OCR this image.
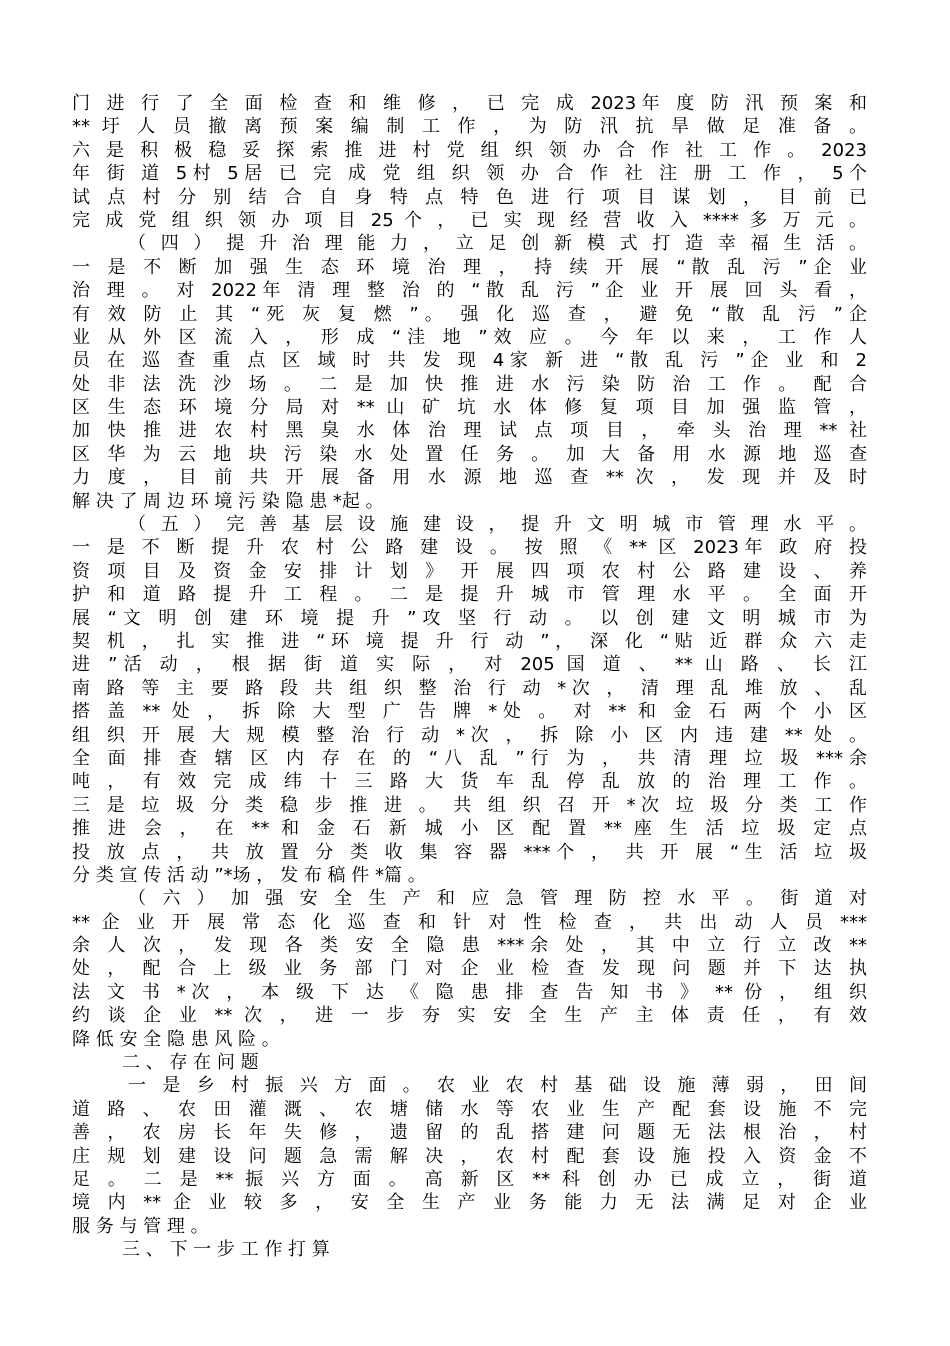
门 进 行 了 全 面 检 查 和 维 修 ， 已 完 成 2023年 度 防 汛 预 案 和
** 圩 人 员 撤 离 预 案 编 制 工 作 ， 为 防 汛 抗 旱 做 足 准 备 。
六 是 积 极 稳 妥 探 索 推 进 村 党 组 织 领 办 合 作 社 工 作 。 2023
年 街 道 5村 5居 已 完 成 党 组 织 领 办 合 作 社 注 册 工 作 ， 5个
试 点 村 分 别 结 合 自 身 特 点 特 色 进 行 项 目 谋 划 ， 目 前 已
完 成 党 组 织 领 办 项 目 25 个 ， 已 实 现 经 营 收 入 **** 多 万 元 。
（ 四 ） 提 升 治 理 能 力 ， 立 足 创 新 模 式 打 造 幸 福 生 活 。
一 是 不 断 加 强 生 态 环 境 治 理 ， 持 续 开 展 “散 乱 污 ”企 业
治 理 。 对 2022年 清 理 整 治 的 “散 乱 污 ”企 业 开 展 回 头 看 ，
有 效 防 止 其 “死 灰 复 燃 ”。 强 化 巡 查 ， 避 免 “散 乱 污 ”企
业 从 外 区 流 入 ， 形 成 “洼 地 ”效 应 。 今 年 以 来 ， 工 作 人
员 在 巡 查 重 点 区 域 时 共 发 现 4家 新 进 “散 乱 污 ”企 业 和 2
处 非 法 洗 沙 场 。 二 是 加 快 推 进 水 污 染 防 治 工 作 。 配 合
区 生 态 环 境 分 局 对 ** 山 矿 坑 水 体 修 复 项 目 加 强 监 管 ，
加 快 推 进 农 村 黑 臭 水 体 治 理 试 点 项 目 ， 牵 头 治 理 ** 社
区 华 为 云 地 块 污 染 水 处 置 任 务 。 加 大 备 用 水 源 地 巡 查
力 度 ， 目 前 共 开 展 备 用 水 源 地 巡 查 ** 次 ， 发 现 并 及 时
解 决 了 周 边 环 境 污 染 隐 患 *起 。
（ 五 ） 完 善 基 层 设 施 建 设 ， 提 升 文 明 城 市 管 理 水 平 。
一 是 不 断 提 升 农 村 公 路 建 设 。 按 照 《 ** 区 2023年 政 府 投
资 项 目 及 资 金 安 排 计 划 》 开 展 四 项 农 村 公 路 建 设 、 养
护 和 道 路 提 升 工 程 。 二 是 提 升 城 市 管 理 水 平 。 全 面 开
展 “文 明 创 建 环 境 提 升 ”攻 坚 行 动 。 以 创 建 文 明 城 市 为
契 机 ， 扎 实 推 进 “环 境 提 升 行 动 ”， 深 化 “贴 近 群 众 六 走
进 ”活 动 ， 根 据 街 道 实 际 ， 对 205 国 道 、 ** 山 路 、 长 江
南 路 等 主 要 路 段 共 组 织 整 治 行 动 *次 ， 清 理 乱 堆 放 、 乱
搭 盖 ** 处 ， 拆 除 大 型 广 告 牌 *处 。 对 ** 和 金 石 两 个 小 区
组 织 开 展 大 规 模 整 治 行 动 *次 ， 拆 除 小 区 内 违 建 ** 处 。
全 面 排 查 辖 区 内 存 在 的 “八 乱 ”行 为 ， 共 清 理 垃 圾 ***余
吨 ， 有 效 完 成 纬 十 三 路 大 货 车 乱 停 乱 放 的 治 理 工 作 。
三 是 垃 圾 分 类 稳 步 推 进 。 共 组 织 召 开 *次 垃 圾 分 类 工 作
推 进 会 ， 在 ** 和 金 石 新 城 小 区 配 置 ** 座 生 活 垃 圾 定 点
投 放 点 ， 共 放 置 分 类 收 集 容 器 ***个 ， 共 开 展 “生 活 垃 圾
分 类 宣 传 活 动 ”*场 ， 发 布 稿 件 *篇 。
（ 六 ） 加 强 安 全 生 产 和 应 急 管 理 防 控 水 平 。 街 道 对
** 企 业 开 展 常 态 化 巡 查 和 针 对 性 检 查 ， 共 出 动 人 员 ***
余 人 次 ， 发 现 各 类 安 全 隐 患 ***余 处 ， 其 中 立 行 立 改 **
处 ， 配 合 上 级 业 务 部 门 对 企 业 检 查 发 现 问 题 并 下 达 执
法 文 书 *次 ， 本 级 下 达 《 隐 患 排 查 告 知 书 》 ** 份 ， 组 织
约 谈 企 业 ** 次 ， 进 一 步 夯 实 安 全 生 产 主 体 责 任 ， 有 效
降 低 安 全 隐 患 风 险 。
二 、 存 在 问 题
一 是 乡 村 振 兴 方 面 。 农 业 农 村 基 础 设 施 薄 弱 ， 田 间
道 路 、 农 田 灌 溉 、 农 塘 储 水 等 农 业 生 产 配 套 设 施 不 完
善 ， 农 房 长 年 失 修 ， 遗 留 的 乱 搭 建 问 题 无 法 根 治 ， 村
庄 规 划 建 设 问 题 急 需 解 决 ， 农 村 配 套 设 施 投 入 资 金 不
足 。 二 是 ** 振 兴 方 面 。 高 新 区 ** 科 创 办 已 成 立 ， 街 道
境 内 ** 企 业 较 多 ， 安 全 生 产 业 务 能 力 无 法 满 足 对 企 业
服 务 与 管 理 。
三 、 下 一 步 工 作 打 算
